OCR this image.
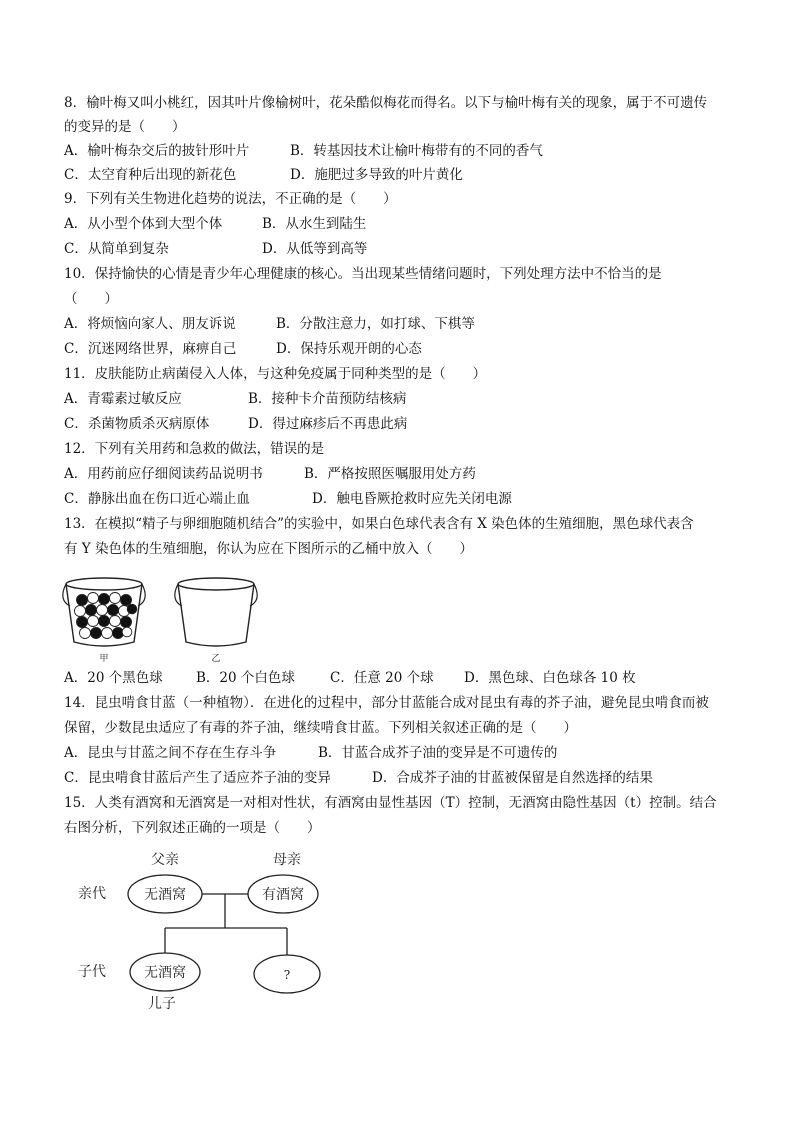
8．榆叶梅又叫小桃红，因其叶片像榆树叶，花朵酷似梅花而得名。以下与榆叶梅有关的现象，属于不可遗传
的变异的是（　　）
A．榆叶梅杂交后的披针形叶片	B．转基因技术让榆叶梅带有的不同的香气
C．太空育种后出现的新花色	D．施肥过多导致的叶片黄化
9．下列有关生物进化趋势的说法，不正确的是（　　）
A．从小型个体到大型个体	B．从水生到陆生
C．从简单到复杂	D．从低等到高等
10．保持愉快的心情是青少年心理健康的核心。当出现某些情绪问题时，下列处理方法中不恰当的是
（　　）
A．将烦恼向家人、朋友诉说	B．分散注意力，如打球、下棋等
C．沉迷网络世界，麻痹自己	D．保持乐观开朗的心态
11．皮肤能防止病菌侵入人体，与这种免疫属于同种类型的是（　　）
A．青霉素过敏反应	B．接种卡介苗预防结核病
C．杀菌物质杀灭病原体	D．得过麻疹后不再患此病
12．下列有关用药和急救的做法，错误的是
A．用药前应仔细阅读药品说明书	B．严格按照医嘱服用处方药
C．静脉出血在伤口近心端止血	D．触电昏厥抢救时应先关闭电源
13．在模拟“精子与卵细胞随机结合”的实验中，如果白色球代表含有 X 染色体的生殖细胞，黑色球代表含
有 Y 染色体的生殖细胞，你认为应在下图所示的乙桶中放入（　　）
甲	乙
A．20 个黑色球 B．20 个白色球	C．任意 20 个球 D．黑色球、白色球各 10 枚
14．昆虫啃食甘蓝（一种植物）．在进化的过程中，部分甘蓝能合成对昆虫有毒的芥子油，避免昆虫啃食而被
保留，少数昆虫适应了有毒的芥子油，继续啃食甘蓝。下列相关叙述正确的是（　　）
A．昆虫与甘蓝之间不存在生存斗争	B．甘蓝合成芥子油的变异是不可遗传的
C．昆虫啃食甘蓝后产生了适应芥子油的变异	D．合成芥子油的甘蓝被保留是自然选择的结果
15．人类有酒窝和无酒窝是一对相对性状，有酒窝由显性基因（T）控制，无酒窝由隐性基因（t）控制。结合
右图分析，下列叙述正确的一项是（　　）
父亲	母亲
亲代
子代
无酒窝	有酒窝
无酒窝	?
儿子
